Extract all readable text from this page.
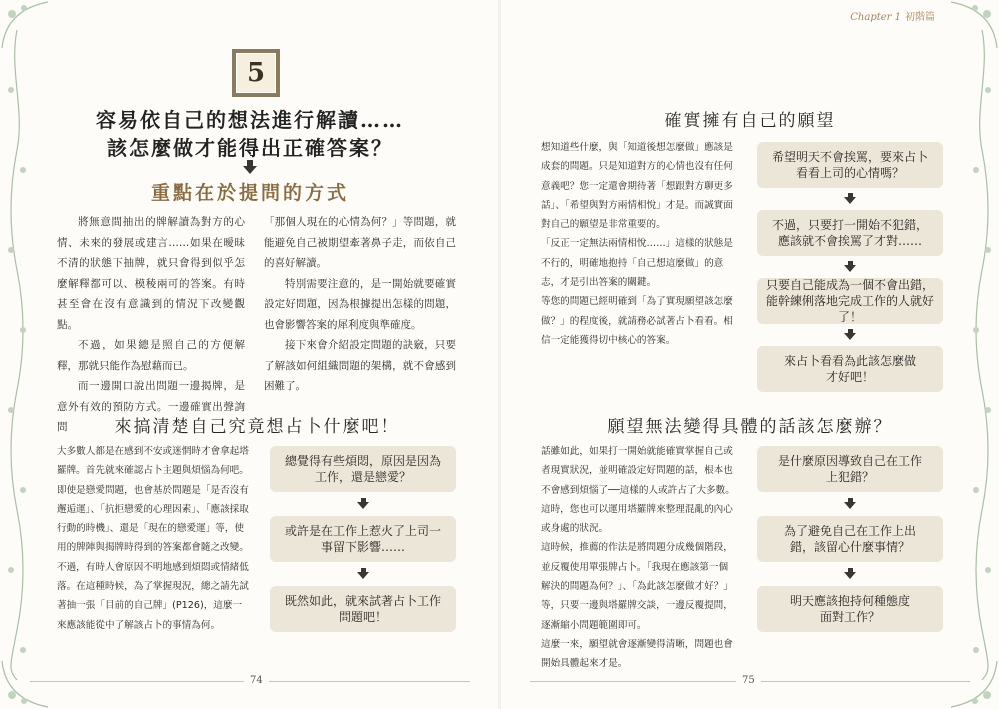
5
容易依自己的想法進行解讀……
該怎麼做才能得出正確答案？
重點在於提問的方式

將無意間抽出的牌解讀為對方的心情、未來的發展或建言……如果在曖昧不清的狀態下抽牌，就只會得到似乎怎麼解釋都可以、模稜兩可的答案。有時甚至會在沒有意識到的情況下改變觀點。

不過，如果總是照自己的方便解釋，那就只能作為慰藉而已。

而一邊開口說出問題一邊揭牌，是意外有效的預防方式。一邊確實出聲詢問

「那個人現在的心情為何？」等問題，就能避免自己被期望牽著鼻子走，而依自己的喜好解讀。

特別需要注意的，是一開始就要確實設定好問題，因為根據提出怎樣的問題，也會影響答案的犀利度與準確度。

接下來會介紹設定問題的訣竅，只要了解該如何組織問題的架構，就不會感到困難了。

來搞清楚自己究竟想占卜什麼吧！

大多數人都是在感到不安或迷惘時才會拿起塔羅牌。首先就來確認占卜主題與煩惱為何吧。

即使是戀愛問題，也會基於問題是「是否沒有邂逅運」、「抗拒戀愛的心理因素」、「應該採取行動的時機」、還是「現在的戀愛運」等，使用的牌陣與揭牌時得到的答案都會隨之改變。

不過，有時人會原因不明地感到煩悶或情緒低落。在這種時候，為了掌握現況，總之請先試著抽一張「目前的自己牌」(P126)，這麼一來應該能從中了解該占卜的事情為何。

總覺得有些煩悶，原因是因為工作，還是戀愛？
或許是在工作上惹火了上司一事留下影響……
既然如此，就來試著占卜工作問題吧！
74
Chapter 1 初階篇
確實擁有自己的願望

想知道些什麼，與「知道後想怎麼做」應該是成套的問題。只是知道對方的心情也沒有任何意義吧？您一定還會期待著「想跟對方聊更多話」、「希望與對方兩情相悅」才是。而誠實面對自己的願望是非常重要的。

「反正一定無法兩情相悅……」這樣的狀態是不行的，明確地抱持「自己想這麼做」的意志，才是引出答案的關鍵。

等您的問題已經明確到「為了實現願望該怎麼做？」的程度後，就請務必試著占卜看看。相信一定能獲得切中核心的答案。

希望明天不會挨罵，要來占卜看看上司的心情嗎？
不過，只要打一開始不犯錯，應該就不會挨罵了才對……
只要自己能成為一個不會出錯，能幹練俐落地完成工作的人就好了！
來占卜看看為此該怎麼做才好吧！
願望無法變得具體的話該怎麼辦？

話雖如此，如果打一開始就能確實掌握自己或者現實狀況，並明確設定好問題的話，根本也不會感到煩惱了──這樣的人或許占了大多數。

這時，您也可以運用塔羅牌來整理混亂的內心或身處的狀況。

這時候，推薦的作法是將問題分成幾個階段，並反覆使用單張牌占卜。「我現在應該第一個解決的問題為何？」、「為此該怎麼做才好？」等，只要一邊與塔羅牌交談，一邊反覆提問，逐漸縮小問題範圍即可。

這麼一來，願望就會逐漸變得清晰，問題也會開始具體起來才是。

是什麼原因導致自己在工作上犯錯？
為了避免自己在工作上出錯，該留心什麼事情？
明天應該抱持何種態度面對工作？
75
